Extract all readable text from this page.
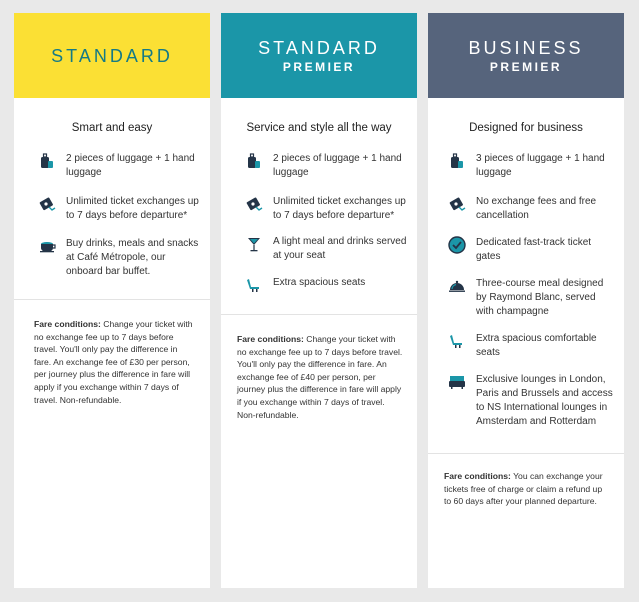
STANDARD
Smart and easy
2 pieces of luggage + 1 hand luggage
Unlimited ticket exchanges up to 7 days before departure*
Buy drinks, meals and snacks at Café Métropole, our onboard bar buffet.
Fare conditions: Change your ticket with no exchange fee up to 7 days before travel. You'll only pay the difference in fare. An exchange fee of £30 per person, per journey plus the difference in fare will apply if you exchange within 7 days of travel. Non-refundable.
STANDARD
PREMIER
Service and style all the way
2 pieces of luggage + 1 hand luggage
Unlimited ticket exchanges up to 7 days before departure*
A light meal and drinks served at your seat
Extra spacious seats
Fare conditions: Change your ticket with no exchange fee up to 7 days before travel. You'll only pay the difference in fare. An exchange fee of £40 per person, per journey plus the difference in fare will apply if you exchange within 7 days of travel. Non-refundable.
BUSINESS
PREMIER
Designed for business
3 pieces of luggage + 1 hand luggage
No exchange fees and free cancellation
Dedicated fast-track ticket gates
Three-course meal designed by Raymond Blanc, served with champagne
Extra spacious comfortable seats
Exclusive lounges in London, Paris and Brussels and access to NS International lounges in Amsterdam and Rotterdam
Fare conditions: You can exchange your tickets free of charge or claim a refund up to 60 days after your planned departure.
